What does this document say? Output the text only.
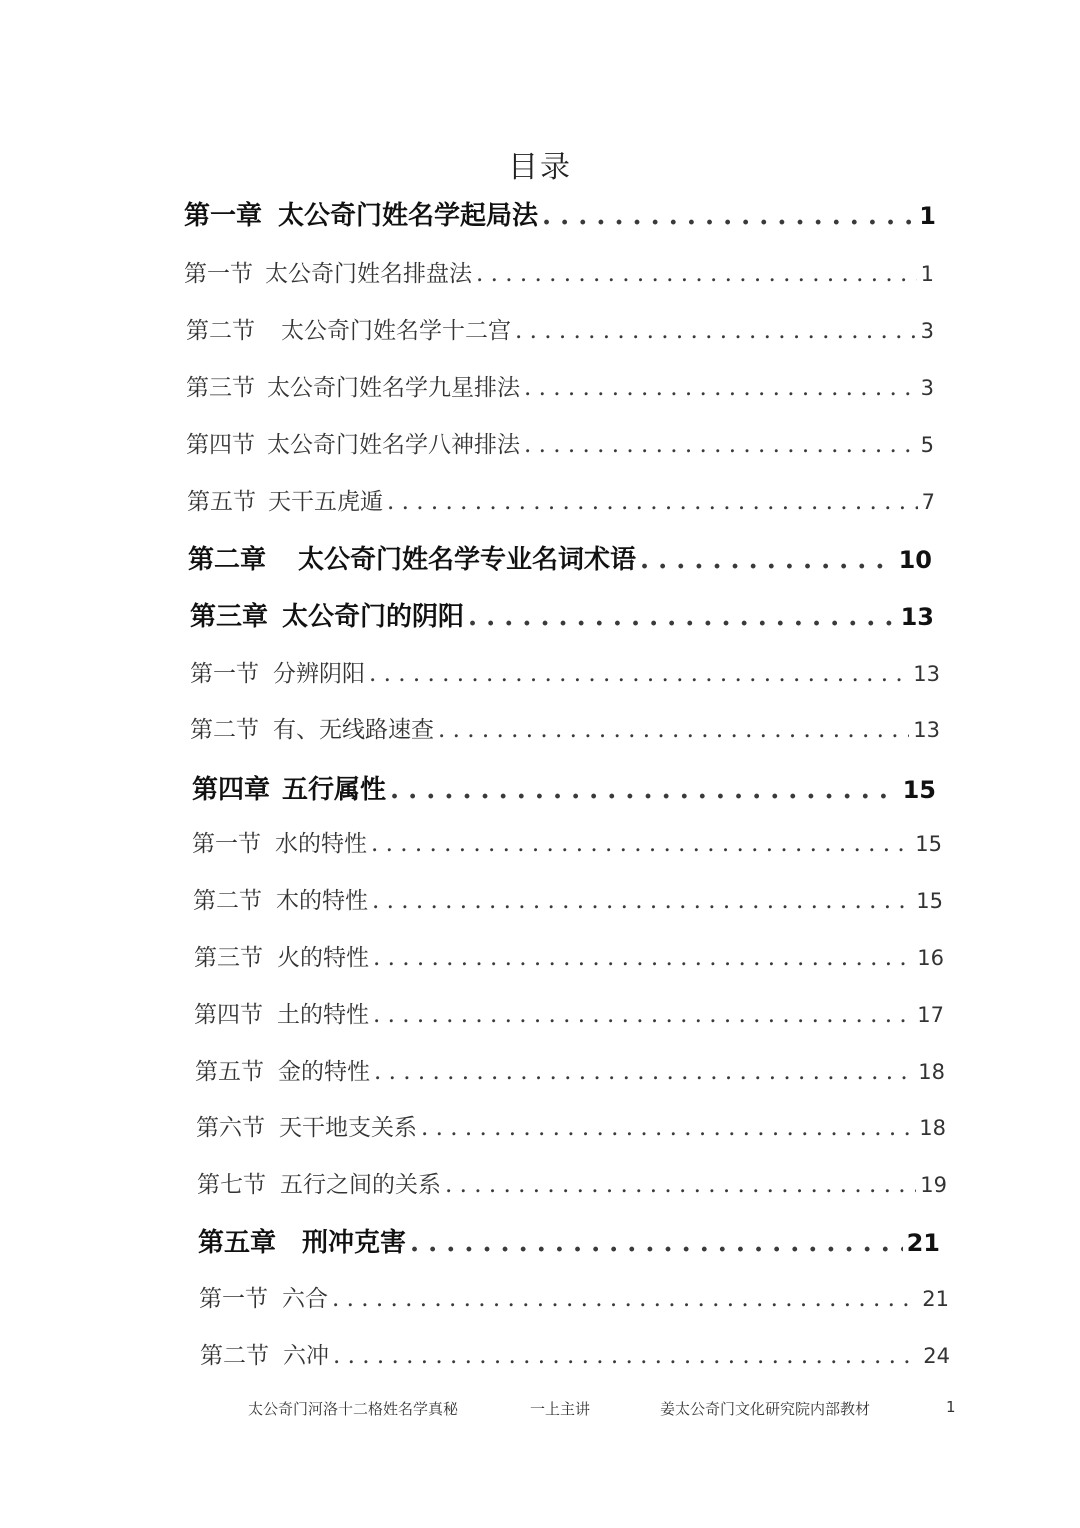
目录
第一章 太公奇门姓名学起局法 . . .	1
第一节 太公奇门姓名排盘法 . . .	1
第二节 太公奇门姓名学十二宫 . . .	3
第三节 太公奇门姓名学九星排法 . . .	3
第四节 太公奇门姓名学八神排法 . . .	5
第五节 天干五虎遁 . . .	7
第二章 太公奇门姓名学专业名词术语 . . .	10
第三章 太公奇门的阴阳 . . .	13
第一节 分辨阴阳 . . .	13
第二节 有、无线路速查 . . .	13
第四章 五行属性 . . .	15
第一节 水的特性 . . .	15
第二节 木的特性 . . .	15
第三节 火的特性 . . .	16
第四节 土的特性 . . .	17
第五节 金的特性 . . .	18
第六节 天干地支关系 . . .	18
第七节 五行之间的关系 . . .	19
第五章 刑冲克害 . . .	21
第一节 六合 . . .	21
第二节 六冲 . . .	24
太公奇门河洛十二格姓名学真秘	一上主讲	姜太公奇门文化研究院内部教材	1
